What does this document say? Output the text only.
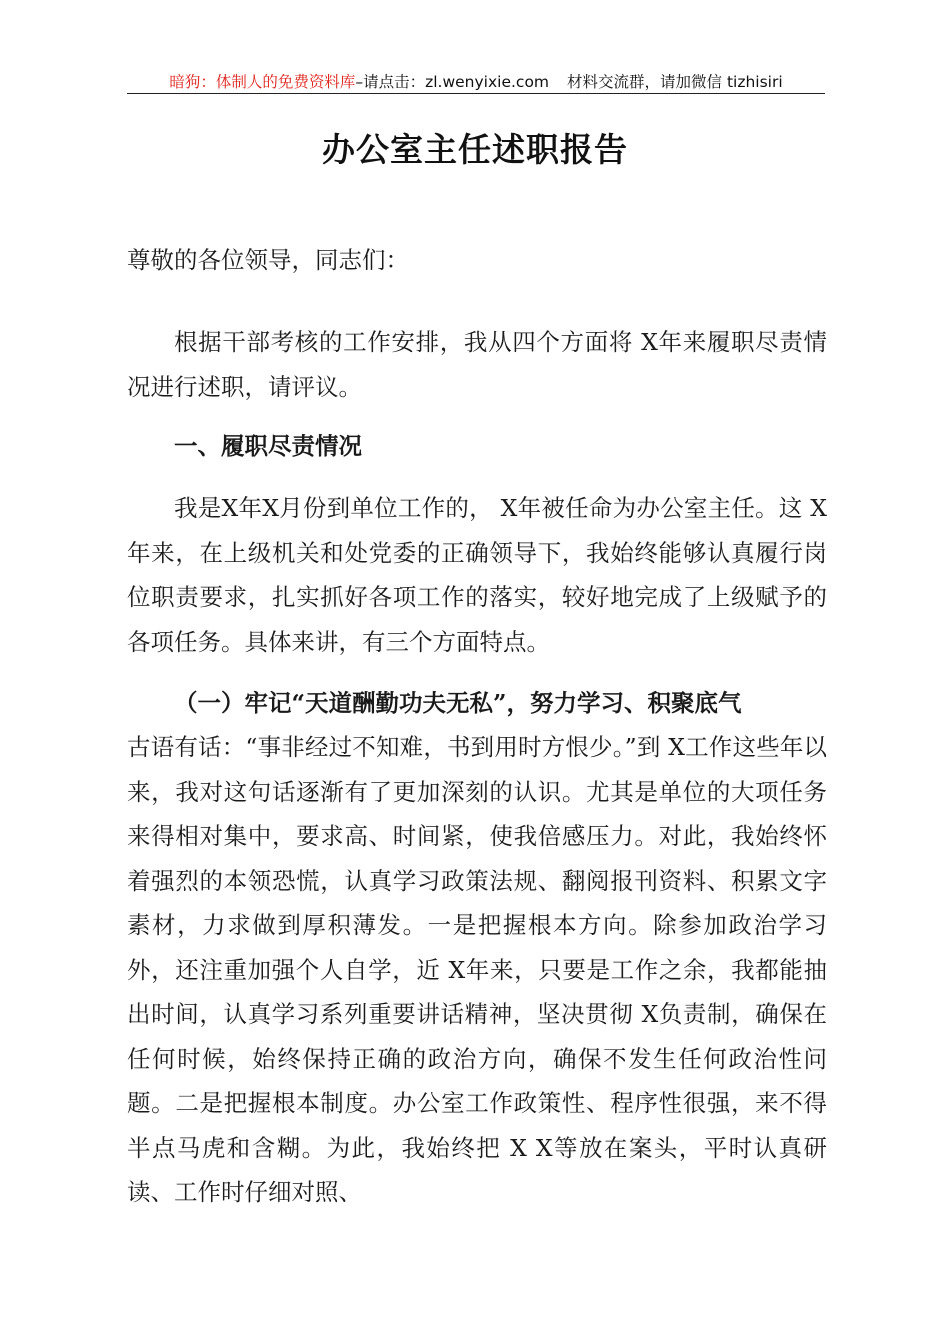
暗狗：体制人的免费资料库–请点击：zl.wenyixie.com 材料交流群，请加微信 tizhisiri
办公室主任述职报告

尊敬的各位领导，同志们：

根据干部考核的工作安排，我从四个方面将 X年来履职尽责情况进行述职，请评议。

一、履职尽责情况

我是X年X月份到单位工作的， X年被任命为办公室主任。这 X年来，在上级机关和处党委的正确领导下，我始终能够认真履行岗位职责要求，扎实抓好各项工作的落实，较好地完成了上级赋予的各项任务。具体来讲，有三个方面特点。

（一）牢记“天道酬勤功夫无私”，努力学习、积聚底气

古语有话：“事非经过不知难，书到用时方恨少。”到 X工作这些年以来，我对这句话逐渐有了更加深刻的认识。尤其是单位的大项任务来得相对集中，要求高、时间紧，使我倍感压力。对此，我始终怀着强烈的本领恐慌，认真学习政策法规、翻阅报刊资料、积累文字素材，力求做到厚积薄发。一是把握根本方向。除参加政治学习外，还注重加强个人自学，近 X年来，只要是工作之余，我都能抽出时间，认真学习系列重要讲话精神，坚决贯彻 X负责制，确保在任何时候，始终保持正确的政治方向，确保不发生任何政治性问题。二是把握根本制度。办公室工作政策性、程序性很强，来不得半点马虎和含糊。为此，我始终把 X X等放在案头，平时认真研读、工作时仔细对照、
